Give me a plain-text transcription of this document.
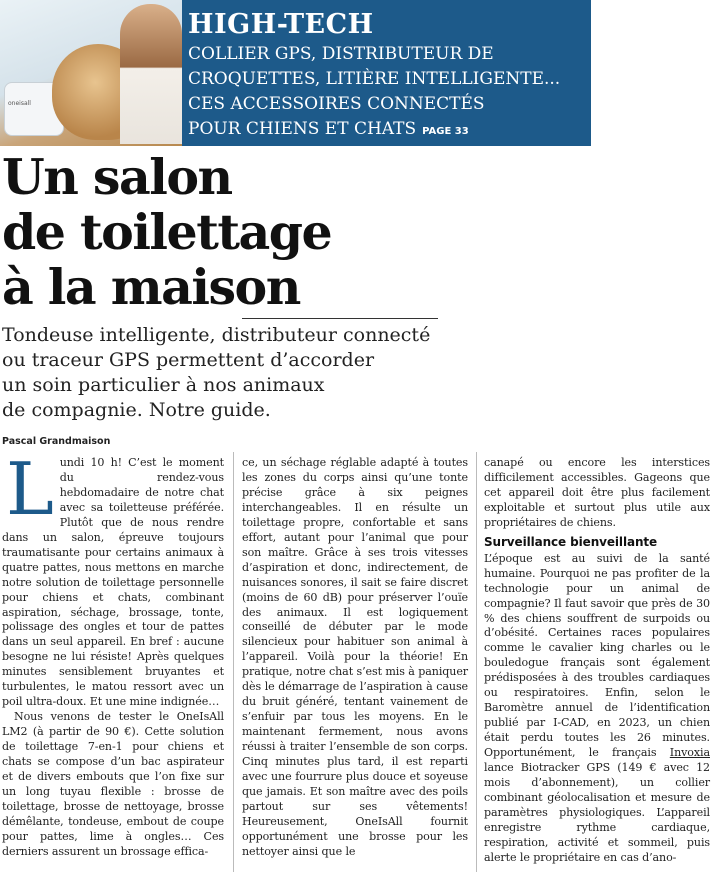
oneisall
HIGH-TECH
COLLIER GPS, DISTRIBUTEUR DE
CROQUETTES, LITIÈRE INTELLIGENTE...
CES ACCESSOIRES CONNECTÉS
POUR CHIENS ET CHATS PAGE 33
Un salon
de toilettage
à la maison
Tondeuse intelligente, distributeur connecté
ou traceur GPS permettent d’accorder
un soin particulier à nos animaux
de compagnie. Notre guide.
Pascal Grandmaison

Lundi 10 h! C’est le moment du rendez-vous hebdomadaire de notre chat avec sa toiletteuse préférée. Plutôt que de nous rendre dans un salon, épreuve toujours traumatisante pour certains animaux à quatre pattes, nous mettons en marche notre solution de toilettage personnelle pour chiens et chats, combinant aspiration, séchage, brossage, tonte, polissage des ongles et tour de pattes dans un seul appareil. En bref : aucune besogne ne lui résiste! Après quelques minutes sensiblement bruyantes et turbulentes, le matou ressort avec un poil ultra-doux. Et une mine indignée…

Nous venons de tester le OneIsAll LM2 (à partir de 90 €). Cette solution de toilettage 7-en-1 pour chiens et chats se compose d’un bac aspirateur et de divers embouts que l’on fixe sur un long tuyau flexible : brosse de toilettage, brosse de nettoyage, brosse démêlante, tondeuse, embout de coupe pour pattes, lime à ongles… Ces derniers assurent un brossage effica-

ce, un séchage réglable adapté à toutes les zones du corps ainsi qu’une tonte précise grâce à six peignes interchangeables. Il en résulte un toilettage propre, confortable et sans effort, autant pour l’animal que pour son maître. Grâce à ses trois vitesses d’aspiration et donc, indirectement, de nuisances sonores, il sait se faire discret (moins de 60 dB) pour préserver l’ouïe des animaux. Il est logiquement conseillé de débuter par le mode silencieux pour habituer son animal à l’appareil. Voilà pour la théorie! En pratique, notre chat s’est mis à paniquer dès le démarrage de l’aspiration à cause du bruit généré, tentant vainement de s’enfuir par tous les moyens. En le maintenant fermement, nous avons réussi à traiter l’ensemble de son corps. Cinq minutes plus tard, il est reparti avec une fourrure plus douce et soyeuse que jamais. Et son maître avec des poils partout sur ses vêtements! Heureusement, OneIsAll fournit opportunément une brosse pour les nettoyer ainsi que le

canapé ou encore les interstices difficilement accessibles. Gageons que cet appareil doit être plus facilement exploitable et surtout plus utile aux propriétaires de chiens.

Surveillance bienveillante

L’époque est au suivi de la santé humaine. Pourquoi ne pas profiter de la technologie pour un animal de compagnie? Il faut savoir que près de 30 % des chiens souffrent de surpoids ou d’obésité. Certaines races populaires comme le cavalier king charles ou le bouledogue français sont également prédisposées à des troubles cardiaques ou respiratoires. Enfin, selon le Baromètre annuel de l’identification publié par I-CAD, en 2023, un chien était perdu toutes les 26 minutes. Opportunément, le français Invoxia lance Biotracker GPS (149 € avec 12 mois d’abonnement), un collier combinant géolocalisation et mesure de paramètres physiologiques. L’appareil enregistre rythme cardiaque, respiration, activité et sommeil, puis alerte le propriétaire en cas d’ano-
